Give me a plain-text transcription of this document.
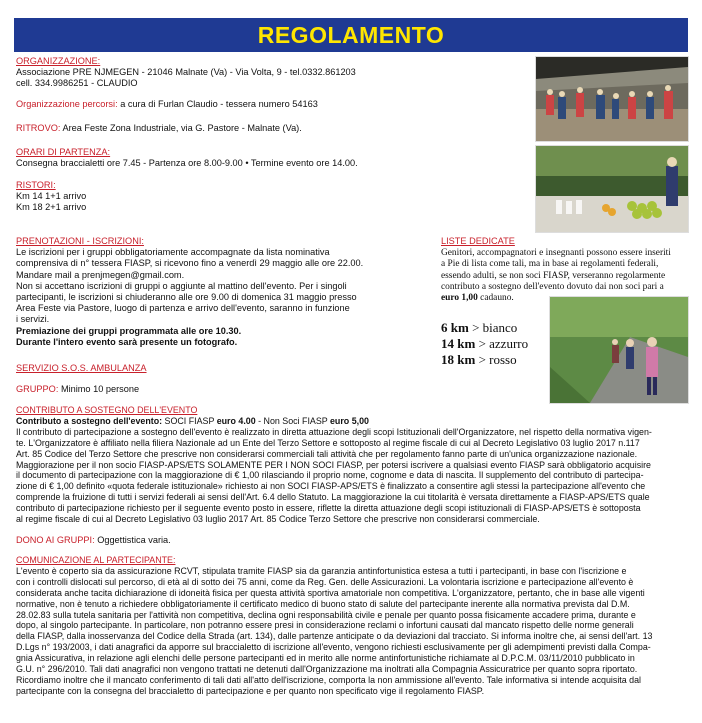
REGOLAMENTO
ORGANIZZAZIONE:
Associazione PRE NJMEGEN - 21046 Malnate (Va) - Via Volta, 9 - tel.0332.861203
cell. 334.9986251 - CLAUDIO
Organizzazione percorsi: a cura di Furlan Claudio - tessera numero 54163
RITROVO: Area Feste Zona Industriale, via G. Pastore - Malnate (Va).
ORARI DI PARTENZA:
Consegna braccialetti ore 7.45 - Partenza ore 8.00-9.00 • Termine evento ore 14.00.
RISTORI:
Km 14 1+1 arrivo
Km 18 2+1 arrivo
PRENOTAZIONI - ISCRIZIONI:
Le iscrizioni per i gruppi obbligatoriamente accompagnate da lista nominativa
comprensiva di n° tessera FIASP, si ricevono fino a venerdì 29 maggio alle ore 22.00.
Mandare mail a prenjmegen@gmail.com.
Non si accettano iscrizioni di gruppi o aggiunte al mattino dell'evento. Per i singoli
partecipanti, le iscrizioni si chiuderanno alle ore 9.00 di domenica 31 maggio presso
Area Feste via Pastore, luogo di partenza e arrivo dell'evento, saranno in funzione
i servizi.
Premiazione dei gruppi programmata alle ore 10.30.
Durante l'intero evento sarà presente un fotografo.
LISTE DEDICATE
Genitori, accompagnatori e insegnanti possono essere inseriti
a Pie di lista come tali, ma in base ai regolamenti federali,
essendo adulti, se non soci FIASP, verseranno regolarmente
contributo a sostegno dell'evento dovuto dai non soci pari a
euro 1,00 cadauno.
6 km > bianco
14 km > azzurro
18 km > rosso
SERVIZIO S.O.S. AMBULANZA
GRUPPO: Minimo 10 persone
CONTRIBUTO A SOSTEGNO DELL'EVENTO
Contributo a sostegno dell'evento: SOCI FIASP euro 4.00 - Non Soci FIASP euro 5,00
Il contributo di partecipazione a sostegno dell'evento è realizzato in diretta attuazione degli scopi Istituzionali dell'Organizzatore, nel rispetto della normativa vigen-
te. L'Organizzatore è affiliato nella filiera Nazionale ad un Ente del Terzo Settore e sottoposto al regime fiscale di cui al Decreto Legislativo 03 luglio 2017 n.117
Art. 85 Codice del Terzo Settore che prescrive non considerarsi commerciali tali attività che per regolamento fanno parte di un'unica organizzazione nazionale.
Maggiorazione per il non socio FIASP-APS/ETS SOLAMENTE PER I NON SOCI FIASP, per potersi iscrivere a qualsiasi evento FIASP sarà obbligatorio acquisire
il documento di partecipazione con la maggiorazione di € 1,00 rilasciando il proprio nome, cognome e data di nascita. Il supplemento del contributo di partecipa-
zione di € 1,00 definito «quota federale istituzionale» richiesto ai non SOCI FIASP-APS/ETS è finalizzato a consentire agli stessi la partecipazione all'evento che
comprende la fruizione di tutti i servizi federali ai sensi dell'Art. 6.4 dello Statuto. La maggiorazione la cui titolarità è versata direttamente a FIASP-APS/ETS quale
contributo di partecipazione richiesto per il seguente evento posto in essere, riflette la diretta attuazione degli scopi istituzionali di FIASP-APS/ETS è sottoposta
al regime fiscale di cui al Decreto Legislativo 03 luglio 2017 Art. 85 Codice Terzo Settore che prescrive non considerarsi commerciale.
DONO AI GRUPPI: Oggettistica varia.
COMUNICAZIONE AL PARTECIPANTE:
L'evento è coperto sia da assicurazione RCVT, stipulata tramite FIASP sia da garanzia antinfortunistica estesa a tutti i partecipanti, in base con l'iscrizione e
con i controlli dislocati sul percorso, di età al di sotto dei 75 anni, come da Reg. Gen. delle Assicurazioni. La volontaria iscrizione e partecipazione all'evento è
considerata anche tacita dichiarazione di idoneità fisica per questa attività sportiva amatoriale non competitiva. L'organizzatore, pertanto, che in base alle vigenti
normative, non è tenuto a richiedere obbligatoriamente il certificato medico di buono stato di salute del partecipante inerente alla normativa prevista dal D.M.
28.02.83 sulla tutela sanitaria per l'attività non competitiva, declina ogni responsabilità civile e penale per quanto possa fisicamente accadere prima, durante e
dopo, al singolo partecipante. In particolare, non potranno essere presi in considerazione reclami o infortuni causati dal mancato rispetto delle norme generali
della FIASP, dalla inosservanza del Codice della Strada (art. 134), dalle partenze anticipate o da deviazioni dal tracciato. Si informa inoltre che, ai sensi dell'art. 13
D.Lgs n° 193/2003, i dati anagrafici da apporre sul braccialetto di iscrizione all'evento, vengono richiesti esclusivamente per gli adempimenti previsti dalla Compa-
gnia Assicurativa, in relazione agli elenchi delle persone partecipanti ed in merito alle norme antinfortunistiche richiamate al D.P.C.M. 03/11/2010 pubblicato in
G.U. n° 296/2010. Tali dati anagrafici non vengono trattati ne detenuti dall'Organizzazione ma inoltrati alla Compagnia Assicuratrice per quanto sopra riportato.
Ricordiamo inoltre che il mancato conferimento di tali dati all'atto dell'iscrizione, comporta la non ammissione all'evento. Tale informativa si intende acquisita dal
partecipante con la consegna del braccialetto di partecipazione e per quanto non specificato vige il regolamento FIASP.
